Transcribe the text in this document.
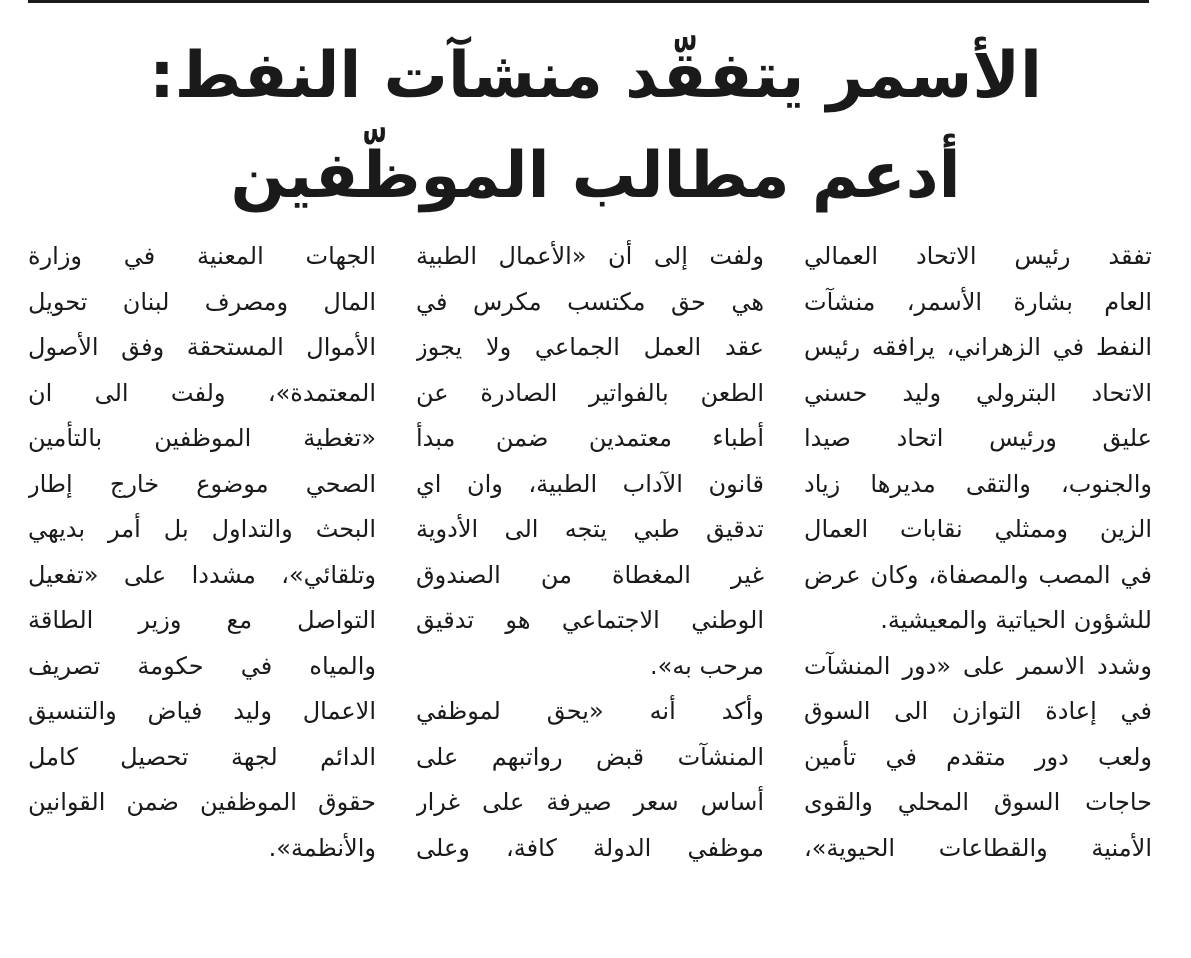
الأسمر يتفقّد منشآت النفط:
أدعم مطالب الموظّفين
تفقد رئيس الاتحاد العمالي
العام بشارة الأسمر، منشآت
النفط في الزهراني، يرافقه رئيس
الاتحاد البترولي وليد حسني
عليق ورئيس اتحاد صيدا
والجنوب، والتقى مديرها زياد
الزين وممثلي نقابات العمال
في المصب والمصفاة، وكان عرض
للشؤون الحياتية والمعيشية.
وشدد الاسمر على «دور المنشآت
في إعادة التوازن الى السوق
ولعب دور متقدم في تأمين
حاجات السوق المحلي والقوى
الأمنية والقطاعات الحيوية»،
ولفت إلى أن «الأعمال الطبية
هي حق مكتسب مكرس في
عقد العمل الجماعي ولا يجوز
الطعن بالفواتير الصادرة عن
أطباء معتمدين ضمن مبدأ
قانون الآداب الطبية، وان اي
تدقيق طبي يتجه الى الأدوية
غير المغطاة من الصندوق
الوطني الاجتماعي هو تدقيق
مرحب به».
وأكد أنه «يحق لموظفي
المنشآت قبض رواتبهم على
أساس سعر صيرفة على غرار
موظفي الدولة كافة، وعلى
الجهات المعنية في وزارة
المال ومصرف لبنان تحويل
الأموال المستحقة وفق الأصول
المعتمدة»، ولفت الى ان
«تغطية الموظفين بالتأمين
الصحي موضوع خارج إطار
البحث والتداول بل أمر بديهي
وتلقائي»، مشددا على «تفعيل
التواصل مع وزير الطاقة
والمياه في حكومة تصريف
الاعمال وليد فياض والتنسيق
الدائم لجهة تحصيل كامل
حقوق الموظفين ضمن القوانين
والأنظمة».
